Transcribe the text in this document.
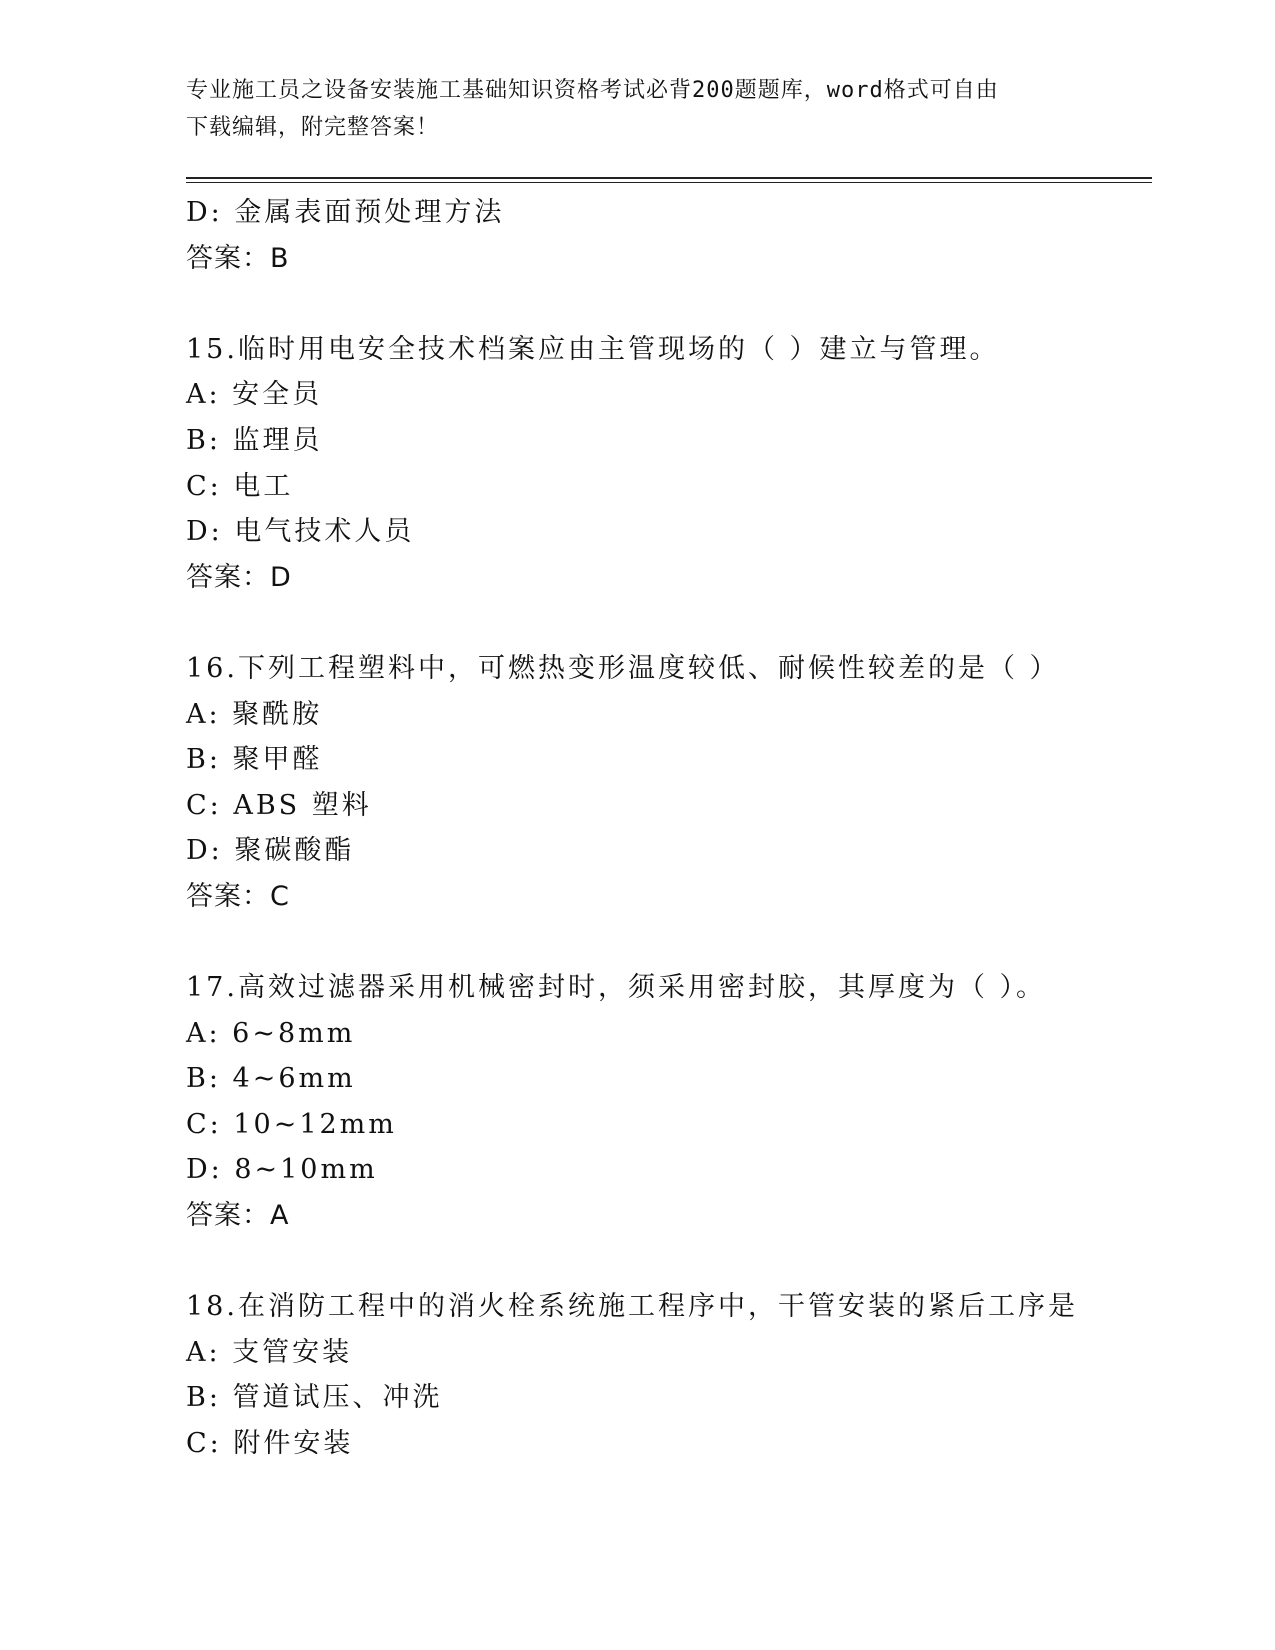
专业施工员之设备安装施工基础知识资格考试必背200题题库，word格式可自由
下载编辑，附完整答案！
D: 金属表面预处理方法
答案：B
15.临时用电安全技术档案应由主管现场的（ ）建立与管理。
A: 安全员
B: 监理员
C: 电工
D: 电气技术人员
答案：D
16.下列工程塑料中，可燃热变形温度较低、耐候性较差的是（ ）
A: 聚酰胺
B: 聚甲醛
C: ABS 塑料
D: 聚碳酸酯
答案：C
17.高效过滤器采用机械密封时，须采用密封胶，其厚度为（ ）。
A: 6~8mm
B: 4~6mm
C: 10~12mm
D: 8~10mm
答案：A
18.在消防工程中的消火栓系统施工程序中，干管安装的紧后工序是
A: 支管安装
B: 管道试压、冲洗
C: 附件安装
